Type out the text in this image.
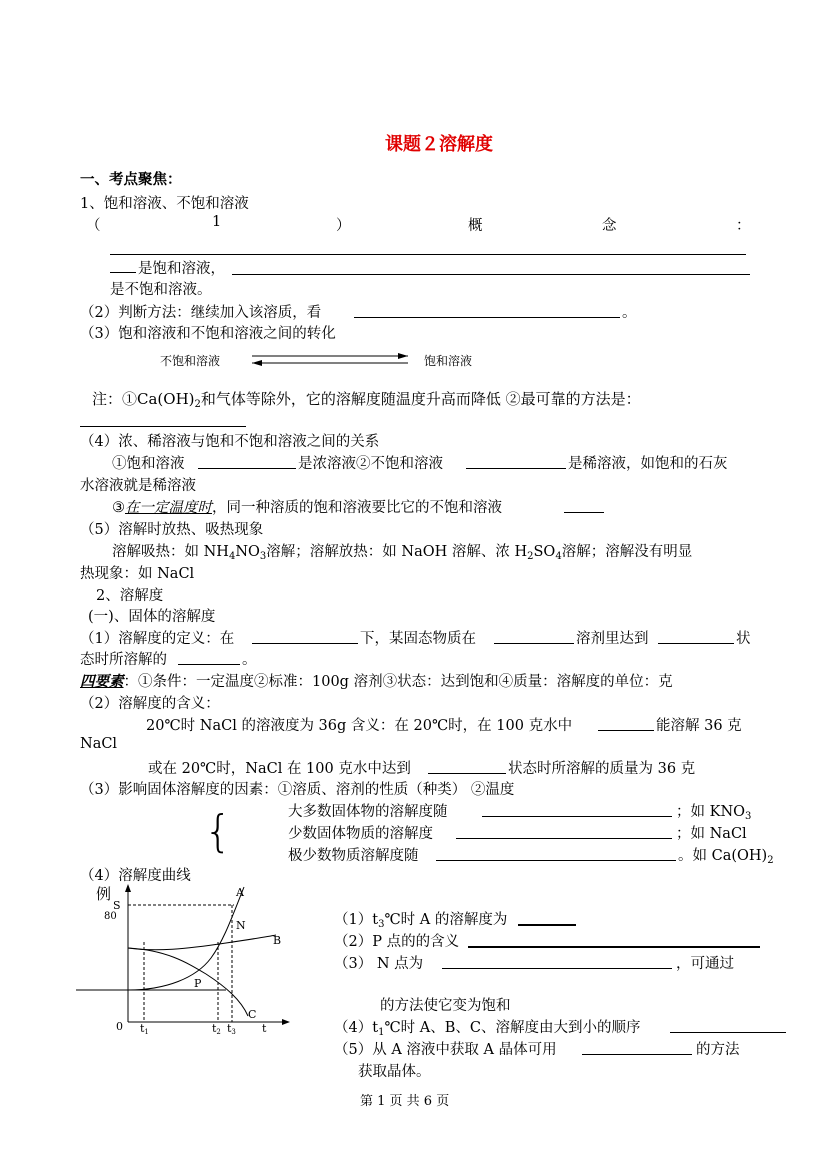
课题２溶解度
一、考点聚焦：
1、饱和溶液、不饱和溶液
（	1	）	概	念	：
是饱和溶液，
是不饱和溶液。
（2）判断方法：继续加入该溶质，看	。
（3）饱和溶液和不饱和溶液之间的转化
不饱和溶液	饱和溶液
注：$①Ca(OH)_2$和气体等除外，它的溶解度随温度升高而降低 ②最可靠的方法是：
（4）浓、稀溶液与饱和不饱和溶液之间的关系
①饱和溶液	是浓溶液②不饱和溶液	是稀溶液，如饱和的石灰
水溶液就是稀溶液
③在一定温度时，同一种溶质的饱和溶液要比它的不饱和溶液
（5）溶解时放热、吸热现象
溶解吸热：如 $NH_4NO_3$溶解；溶解放热：如 NaOH 溶解、浓 $H_2SO_4$溶解；溶解没有明显
热现象：如 NaCl
2、溶解度
(一)、固体的溶解度
（1）溶解度的定义：在	下，某固态物质在	溶剂里达到	状
态时所溶解的	。
四要素：①条件：一定温度②标准：100g 溶剂③状态：达到饱和④质量：溶解度的单位：克
（2）溶解度的含义：
20℃时 NaCl 的溶液度为 36g 含义：在 20℃时，在 100 克水中	能溶解 36 克
NaCl
或在 20℃时，NaCl 在 100 克水中达到	状态时所溶解的质量为 36 克
（3）影响固体溶解度的因素：①溶质、溶剂的性质（种类） ②温度
{	大多数固体物的溶解度随	；如 $KNO_3$
少数固体物质的溶解度	；如 NaCl
极少数物质溶解度随	。如 $Ca(OH)_2$
（4）溶解度曲线
例
S
80
0	t
A
N
B
P
C
t1	t2 t3
$(1)t_3℃$时 A 的溶解度为
（2）P 点的的含义
（3） N 点为	，可通过
的方法使它变为饱和
$(4)t_1℃$时 A、B、C、溶解度由大到小的顺序
（5）从 A 溶液中获取 A 晶体可用	的方法
获取晶体。
第 1 页 共 6 页
